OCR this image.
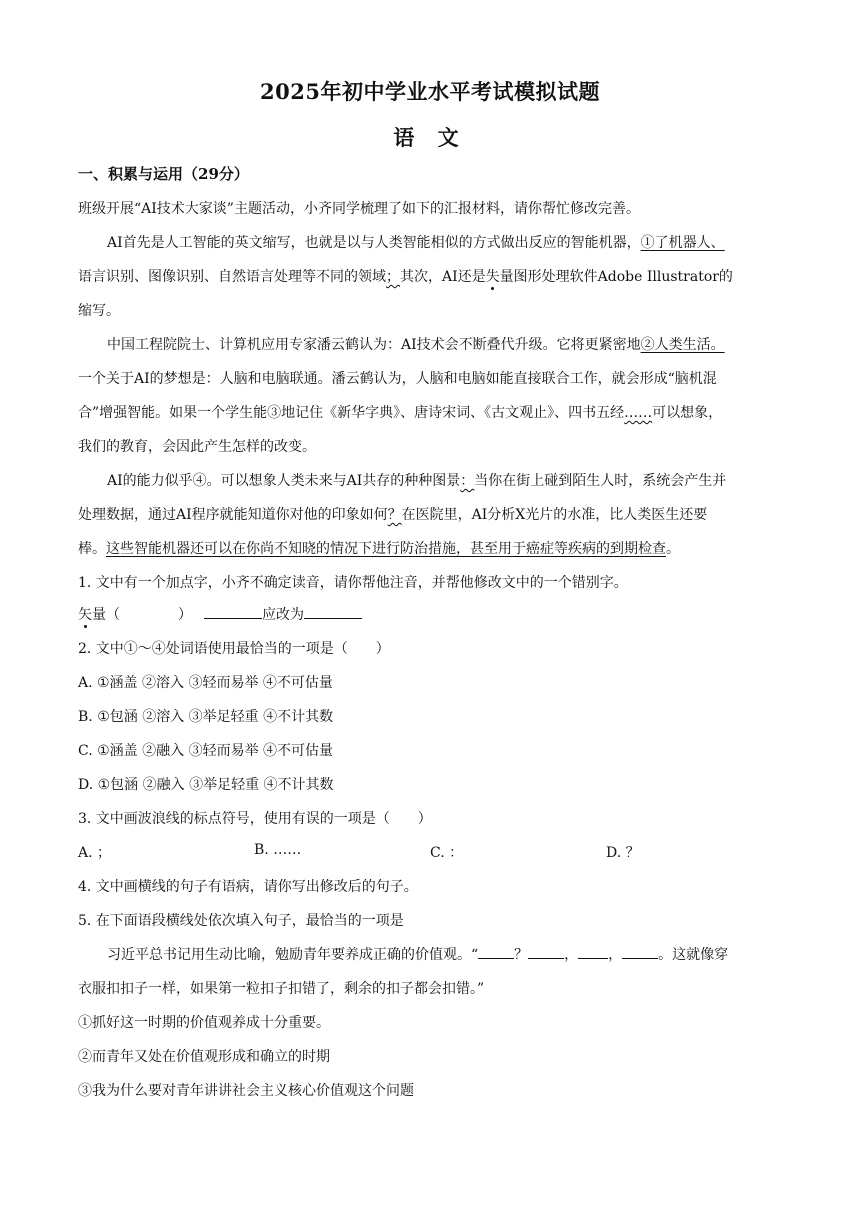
2025年初中学业水平考试模拟试题
语 文
一、积累与运用（29分）
班级开展“AI技术大家谈”主题活动，小齐同学梳理了如下的汇报材料，请你帮忙修改完善。
AI首先是人工智能的英文缩写，也就是以与人类智能相似的方式做出反应的智能机器，①了机器人、
语言识别、图像识别、自然语言处理等不同的领域；其次，AI还是失量图形处理软件Adobe Illustrator的
缩写。
中国工程院院士、计算机应用专家潘云鹤认为：AI技术会不断叠代升级。它将更紧密地②人类生活。
一个关于AI的梦想是：人脑和电脑联通。潘云鹤认为，人脑和电脑如能直接联合工作，就会形成“脑机混
合”增强智能。如果一个学生能③地记住《新华字典》、唐诗宋词、《古文观止》、四书五经……可以想象，
我们的教育，会因此产生怎样的改变。
AI的能力似乎④。可以想象人类未来与AI共存的种种图景：当你在街上碰到陌生人时，系统会产生并
处理数据，通过AI程序就能知道你对他的印象如何？在医院里，AI分析X光片的水准，比人类医生还要
棒。这些智能机器还可以在你尚不知晓的情况下进行防治措施，甚至用于癌症等疾病的到期检查。
1. 文中有一个加点字，小齐不确定读音，请你帮他注音，并帮他修改文中的一个错别字。
矢量（	）	应改为
2. 文中①～④处词语使用最恰当的一项是（　　）
A. ①涵盖 ②溶入 ③轻而易举 ④不可估量
B. ①包涵 ②溶入 ③举足轻重 ④不计其数
C. ①涵盖 ②融入 ③轻而易举 ④不可估量
D. ①包涵 ②融入 ③举足轻重 ④不计其数
3. 文中画波浪线的标点符号，使用有误的一项是（　　）
A. ；	B. ……	C. ：	D. ？
4. 文中画横线的句子有语病，请你写出修改后的句子。
5. 在下面语段横线处依次填入句子，最恰当的一项是
习近平总书记用生动比喻，勉励青年要养成正确的价值观。“	？	， ，	。这就像穿
衣服扣扣子一样，如果第一粒扣子扣错了，剩余的扣子都会扣错。”
①抓好这一时期的价值观养成十分重要。
②而青年又处在价值观形成和确立的时期
③我为什么要对青年讲讲社会主义核心价值观这个问题
